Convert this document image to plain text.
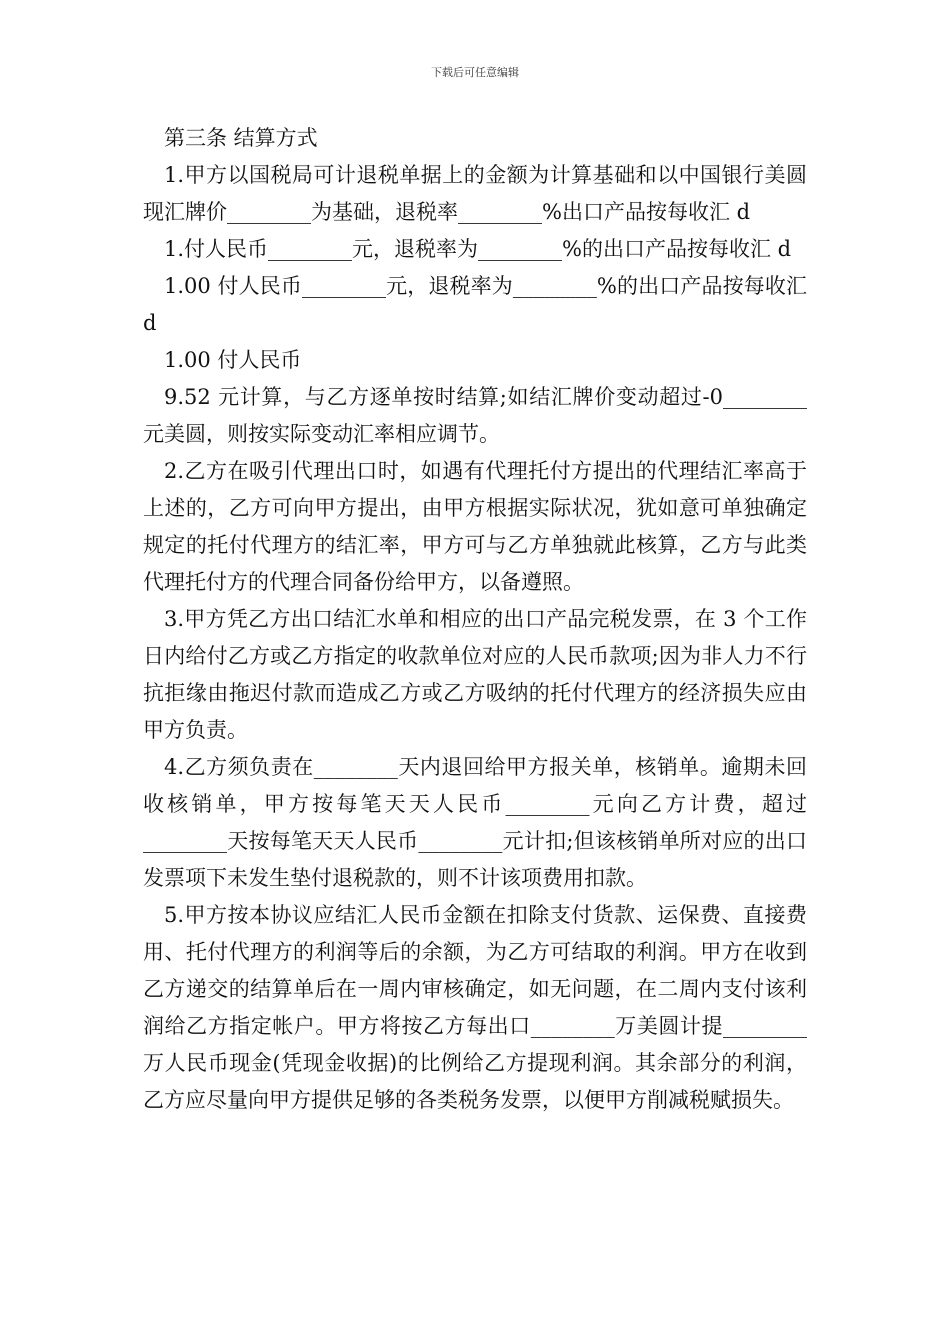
下载后可任意编辑

第三条 结算方式

1.甲方以国税局可计退税单据上的金额为计算基础和以中国银行美圆现汇牌价________为基础，退税率________%出口产品按每收汇 d

1.付人民币________元，退税率为________%的出口产品按每收汇 d

1.00 付人民币________元，退税率为________%的出口产品按每收汇 d

1.00 付人民币

9.52 元计算，与乙方逐单按时结算;如结汇牌价变动超过-0________元美圆，则按实际变动汇率相应调节。

2.乙方在吸引代理出口时，如遇有代理托付方提出的代理结汇率高于上述的，乙方可向甲方提出，由甲方根据实际状况，犹如意可单独确定规定的托付代理方的结汇率，甲方可与乙方单独就此核算，乙方与此类代理托付方的代理合同备份给甲方，以备遵照。

3.甲方凭乙方出口结汇水单和相应的出口产品完税发票，在 3 个工作日内给付乙方或乙方指定的收款单位对应的人民币款项;因为非人力不行抗拒缘由拖迟付款而造成乙方或乙方吸纳的托付代理方的经济损失应由甲方负责。

4.乙方须负责在________天内退回给甲方报关单，核销单。逾期未回收核销单，甲方按每笔天天人民币________元向乙方计费，超过________天按每笔天天人民币________元计扣;但该核销单所对应的出口发票项下未发生垫付退税款的，则不计该项费用扣款。

5.甲方按本协议应结汇人民币金额在扣除支付货款、运保费、直接费用、托付代理方的利润等后的余额，为乙方可结取的利润。甲方在收到乙方递交的结算单后在一周内审核确定，如无问题，在二周内支付该利润给乙方指定帐户。甲方将按乙方每出口________万美圆计提________万人民币现金(凭现金收据)的比例给乙方提现利润。其余部分的利润，乙方应尽量向甲方提供足够的各类税务发票，以便甲方削减税赋损失。
